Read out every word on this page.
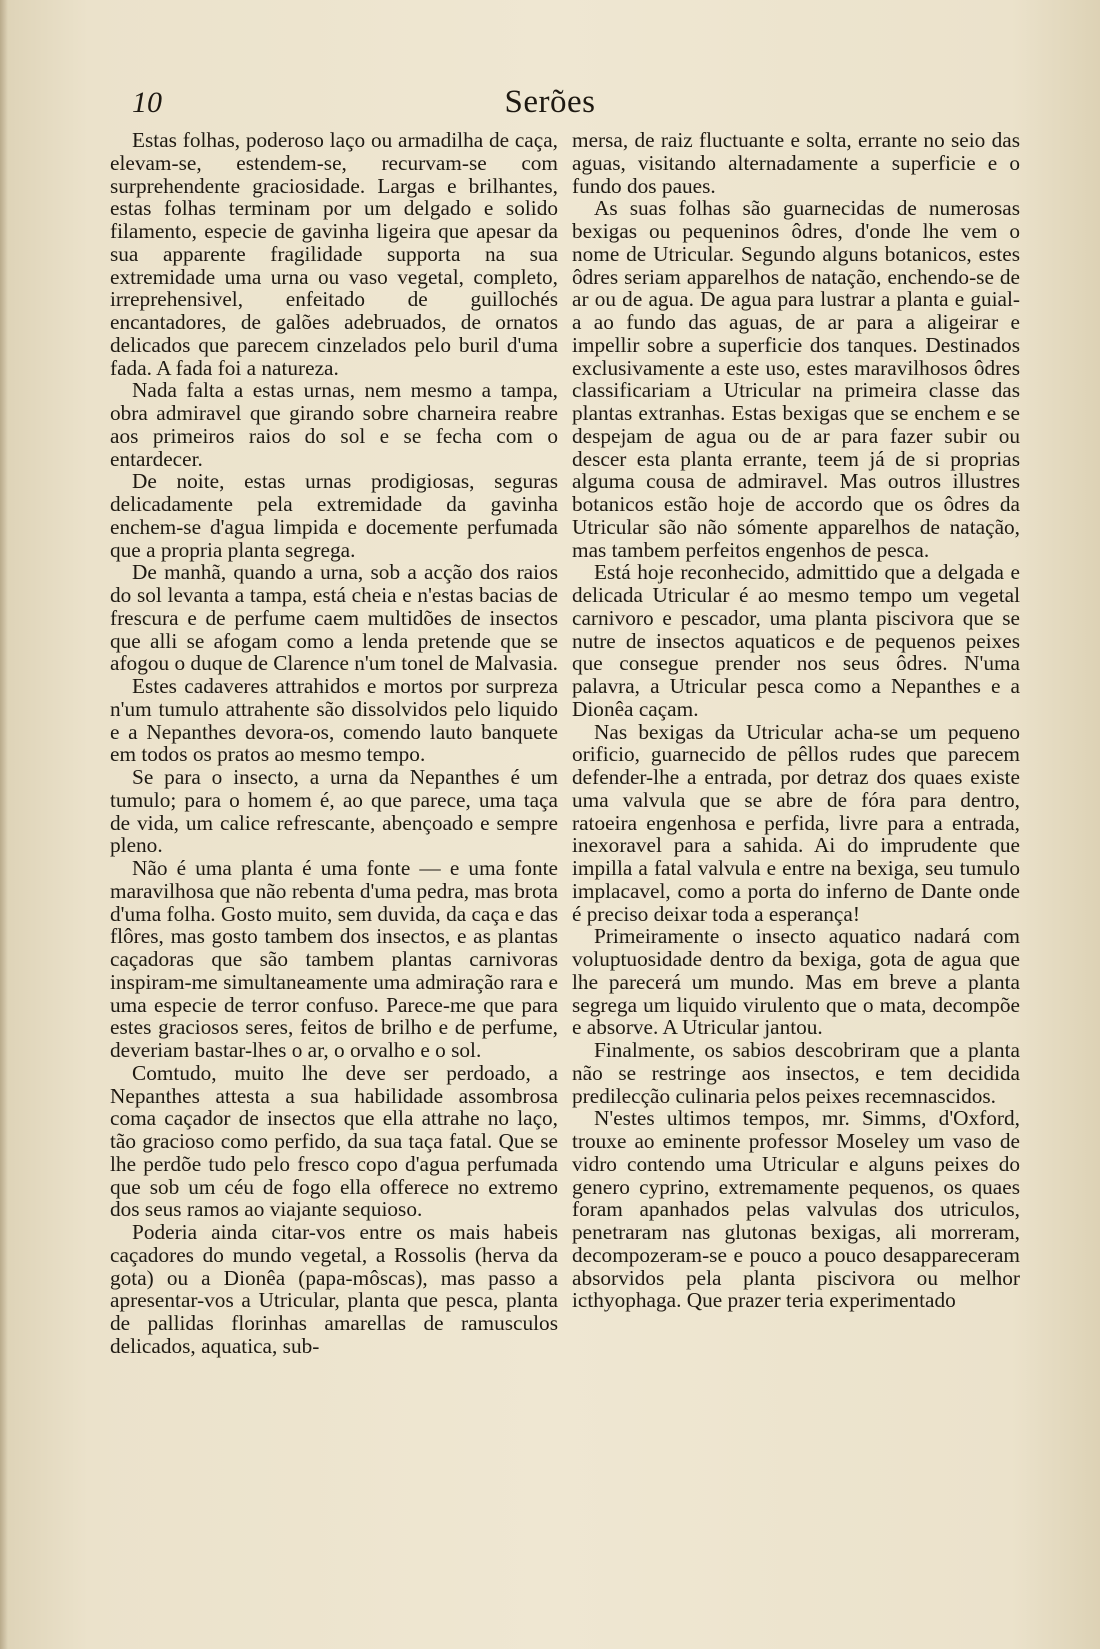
10	Serões

Estas folhas, poderoso laço ou armadilha de caça, elevam-se, estendem-se, recurvam-se com surprehendente graciosidade. Largas e brilhantes, estas folhas terminam por um delgado e solido filamento, especie de gavinha ligeira que apesar da sua apparente fragilidade supporta na sua extremidade uma urna ou vaso vegetal, completo, irreprehensivel, enfeitado de guillochés encantadores, de galões adebruados, de ornatos delicados que parecem cinzelados pelo buril d'uma fada. A fada foi a natureza.

Nada falta a estas urnas, nem mesmo a tampa, obra admiravel que girando sobre charneira reabre aos primeiros raios do sol e se fecha com o entardecer.

De noite, estas urnas prodigiosas, seguras delicadamente pela extremidade da gavinha enchem-se d'agua limpida e docemente perfumada que a propria planta segrega.

De manhã, quando a urna, sob a acção dos raios do sol levanta a tampa, está cheia e n'estas bacias de frescura e de perfume caem multidões de insectos que alli se afogam como a lenda pretende que se afogou o duque de Clarence n'um tonel de Malvasia.

Estes cadaveres attrahidos e mortos por surpreza n'um tumulo attrahente são dissolvidos pelo liquido e a Nepanthes devora-os, comendo lauto banquete em todos os pratos ao mesmo tempo.

Se para o insecto, a urna da Nepanthes é um tumulo; para o homem é, ao que parece, uma taça de vida, um calice refrescante, abençoado e sempre pleno.

Não é uma planta é uma fonte — e uma fonte maravilhosa que não rebenta d'uma pedra, mas brota d'uma folha. Gosto muito, sem duvida, da caça e das flôres, mas gosto tambem dos insectos, e as plantas caçadoras que são tambem plantas carnivoras inspiram-me simultaneamente uma admiração rara e uma especie de terror confuso. Parece-me que para estes graciosos seres, feitos de brilho e de perfume, deveriam bastar-lhes o ar, o orvalho e o sol.

Comtudo, muito lhe deve ser perdoado, a Nepanthes attesta a sua habilidade assombrosa coma caçador de insectos que ella attrahe no laço, tão gracioso como perfido, da sua taça fatal. Que se lhe perdõe tudo pelo fresco copo d'agua perfumada que sob um céu de fogo ella offerece no extremo dos seus ramos ao viajante sequioso.

Poderia ainda citar-vos entre os mais habeis caçadores do mundo vegetal, a Rossolis (herva da gota) ou a Dionêa (papa-môscas), mas passo a apresentar-vos a Utricular, planta que pesca, planta de pallidas florinhas amarellas de ramusculos delicados, aquatica, sub-

mersa, de raiz fluctuante e solta, errante no seio das aguas, visitando alternadamente a superficie e o fundo dos paues.

As suas folhas são guarnecidas de numerosas bexigas ou pequeninos ôdres, d'onde lhe vem o nome de Utricular. Segundo alguns botanicos, estes ôdres seriam apparelhos de natação, enchendo-se de ar ou de agua. De agua para lustrar a planta e guial-a ao fundo das aguas, de ar para a aligeirar e impellir sobre a superficie dos tanques. Destinados exclusivamente a este uso, estes maravilhosos ôdres classificariam a Utricular na primeira classe das plantas extranhas. Estas bexigas que se enchem e se despejam de agua ou de ar para fazer subir ou descer esta planta errante, teem já de si proprias alguma cousa de admiravel. Mas outros illustres botanicos estão hoje de accordo que os ôdres da Utricular são não sómente apparelhos de natação, mas tambem perfeitos engenhos de pesca.

Está hoje reconhecido, admittido que a delgada e delicada Utricular é ao mesmo tempo um vegetal carnivoro e pescador, uma planta piscivora que se nutre de insectos aquaticos e de pequenos peixes que consegue prender nos seus ôdres. N'uma palavra, a Utricular pesca como a Nepanthes e a Dionêa caçam.

Nas bexigas da Utricular acha-se um pequeno orificio, guarnecido de pêllos rudes que parecem defender-lhe a entrada, por detraz dos quaes existe uma valvula que se abre de fóra para dentro, ratoeira engenhosa e perfida, livre para a entrada, inexoravel para a sahida. Ai do imprudente que impilla a fatal valvula e entre na bexiga, seu tumulo implacavel, como a porta do inferno de Dante onde é preciso deixar toda a esperança!

Primeiramente o insecto aquatico nadará com voluptuosidade dentro da bexiga, gota de agua que lhe parecerá um mundo. Mas em breve a planta segrega um liquido virulento que o mata, decompõe e absorve. A Utricular jantou.

Finalmente, os sabios descobriram que a planta não se restringe aos insectos, e tem decidida predilecção culinaria pelos peixes recemnascidos.

N'estes ultimos tempos, mr. Simms, d'Oxford, trouxe ao eminente professor Moseley um vaso de vidro contendo uma Utricular e alguns peixes do genero cyprino, extremamente pequenos, os quaes foram apanhados pelas valvulas dos utriculos, penetraram nas glutonas bexigas, ali morreram, decompozeram-se e pouco a pouco desappareceram absorvidos pela planta piscivora ou melhor icthyophaga. Que prazer teria experimentado
